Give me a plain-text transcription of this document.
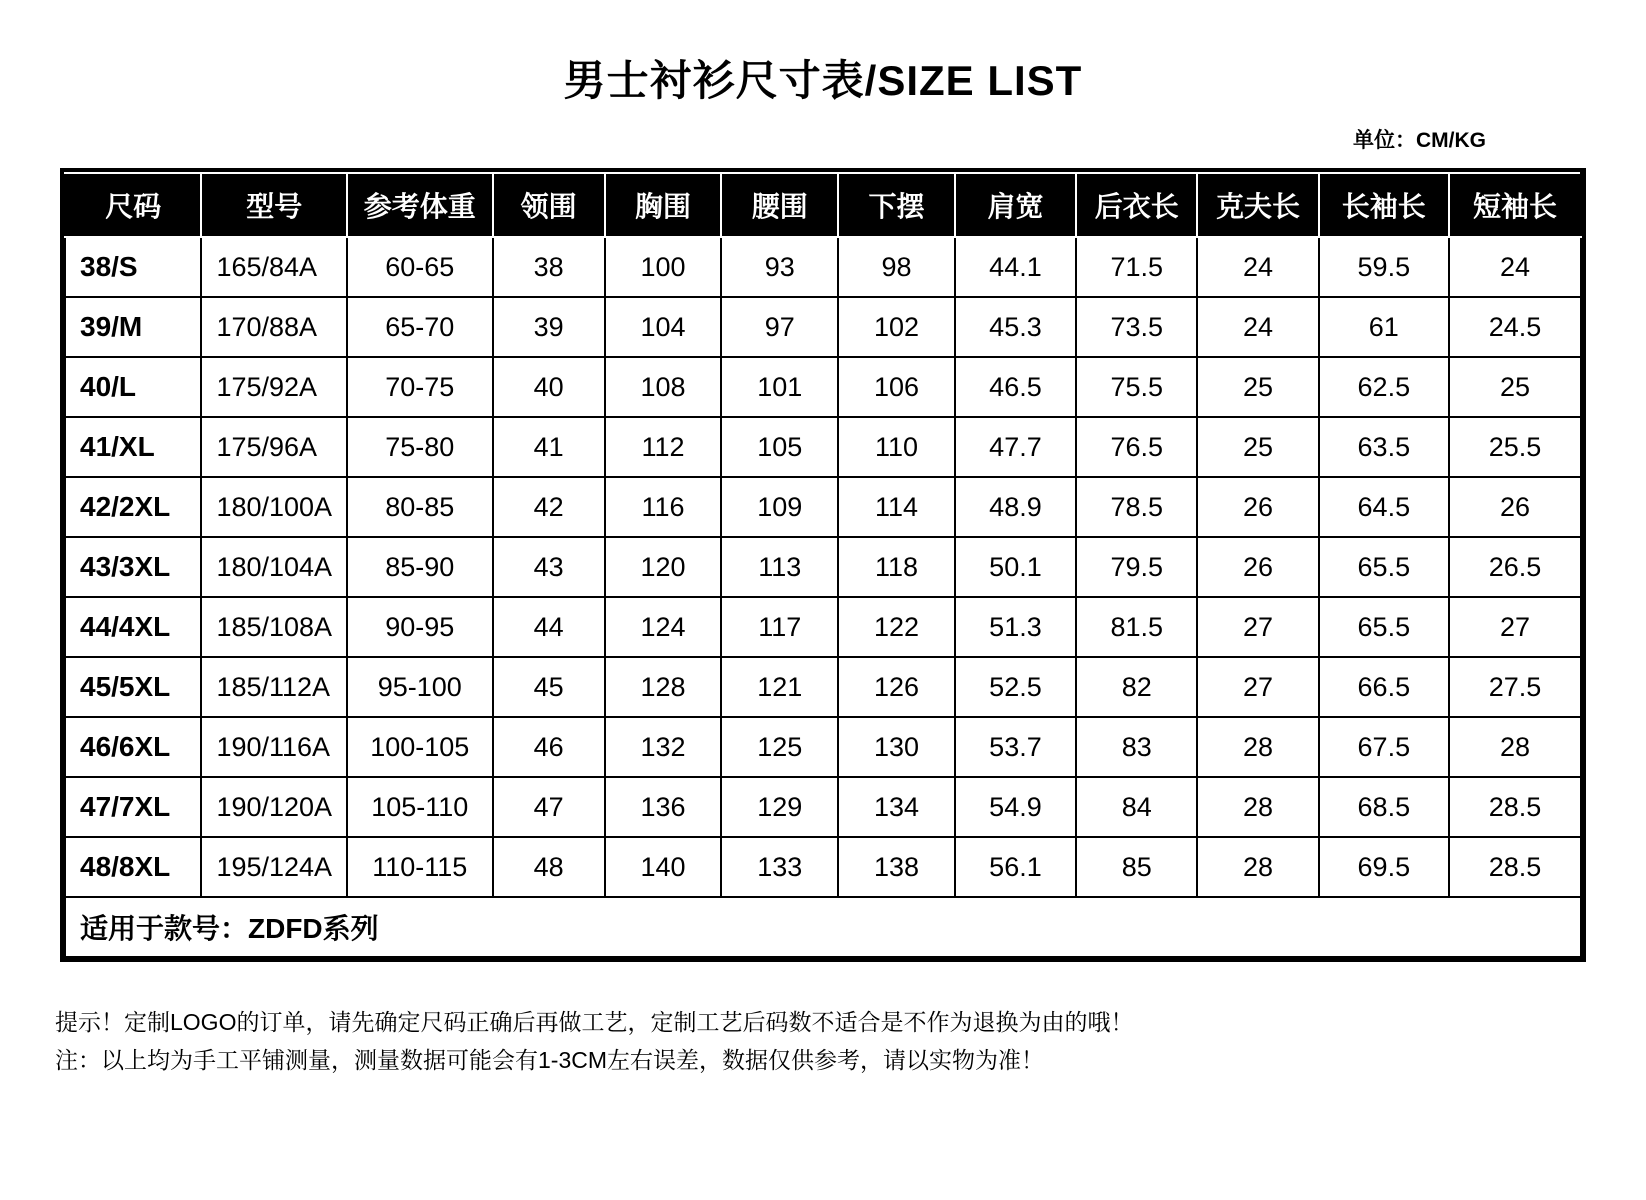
男士衬衫尺寸表/SIZE LIST
单位：CM/KG
尺码	型号	参考体重	领围	胸围	腰围	下摆	肩宽	后衣长	克夫长	长袖长	短袖长
38/S	165/84A	60-65	38	100	93	98	44.1	71.5	24	59.5	24
39/M	170/88A	65-70	39	104	97	102	45.3	73.5	24	61	24.5
40/L	175/92A	70-75	40	108	101	106	46.5	75.5	25	62.5	25
41/XL	175/96A	75-80	41	112	105	110	47.7	76.5	25	63.5	25.5
42/2XL	180/100A	80-85	42	116	109	114	48.9	78.5	26	64.5	26
43/3XL	180/104A	85-90	43	120	113	118	50.1	79.5	26	65.5	26.5
44/4XL	185/108A	90-95	44	124	117	122	51.3	81.5	27	65.5	27
45/5XL	185/112A	95-100	45	128	121	126	52.5	82	27	66.5	27.5
46/6XL	190/116A	100-105	46	132	125	130	53.7	83	28	67.5	28
47/7XL	190/120A	105-110	47	136	129	134	54.9	84	28	68.5	28.5
48/8XL	195/124A	110-115	48	140	133	138	56.1	85	28	69.5	28.5
适用于款号：ZDFD系列											
提示！定制LOGO的订单，请先确定尺码正确后再做工艺，定制工艺后码数不适合是不作为退换为由的哦！
注：以上均为手工平铺测量，测量数据可能会有1-3CM左右误差，数据仅供参考，请以实物为准！
